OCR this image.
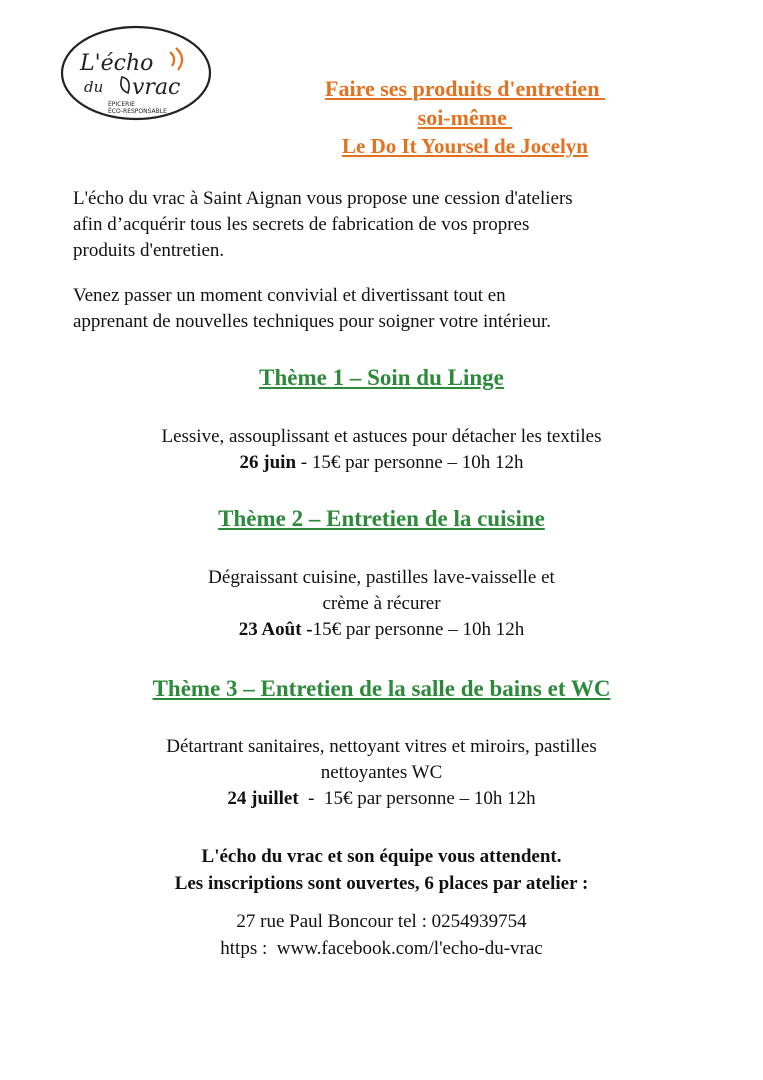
L'écho
du vrac
ÉPICERIE
ÉCO-RESPONSABLE
Faire ses produits d'entretien
soi-même
Le Do It Yoursel de Jocelyn
L'écho du vrac à Saint Aignan vous propose une cession d'ateliers
afin d’acquérir tous les secrets de fabrication de vos propres
produits d'entretien.
Venez passer un moment convivial et divertissant tout en
apprenant de nouvelles techniques pour soigner votre intérieur.
Thème 1 – Soin du Linge
Lessive, assouplissant et astuces pour détacher les textiles
26 juin - 15€ par personne – 10h 12h
Thème 2 – Entretien de la cuisine
Dégraissant cuisine, pastilles lave-vaisselle et
crème à récurer
23 Août -15€ par personne – 10h 12h
Thème 3 – Entretien de la salle de bains et WC
Détartrant sanitaires, nettoyant vitres et miroirs, pastilles
nettoyantes WC
24 juillet  -  15€ par personne – 10h 12h
L'écho du vrac et son équipe vous attendent.
Les inscriptions sont ouvertes, 6 places par atelier :
27 rue Paul Boncour tel : 0254939754
https :  www.facebook.com/l'echo-du-vrac
